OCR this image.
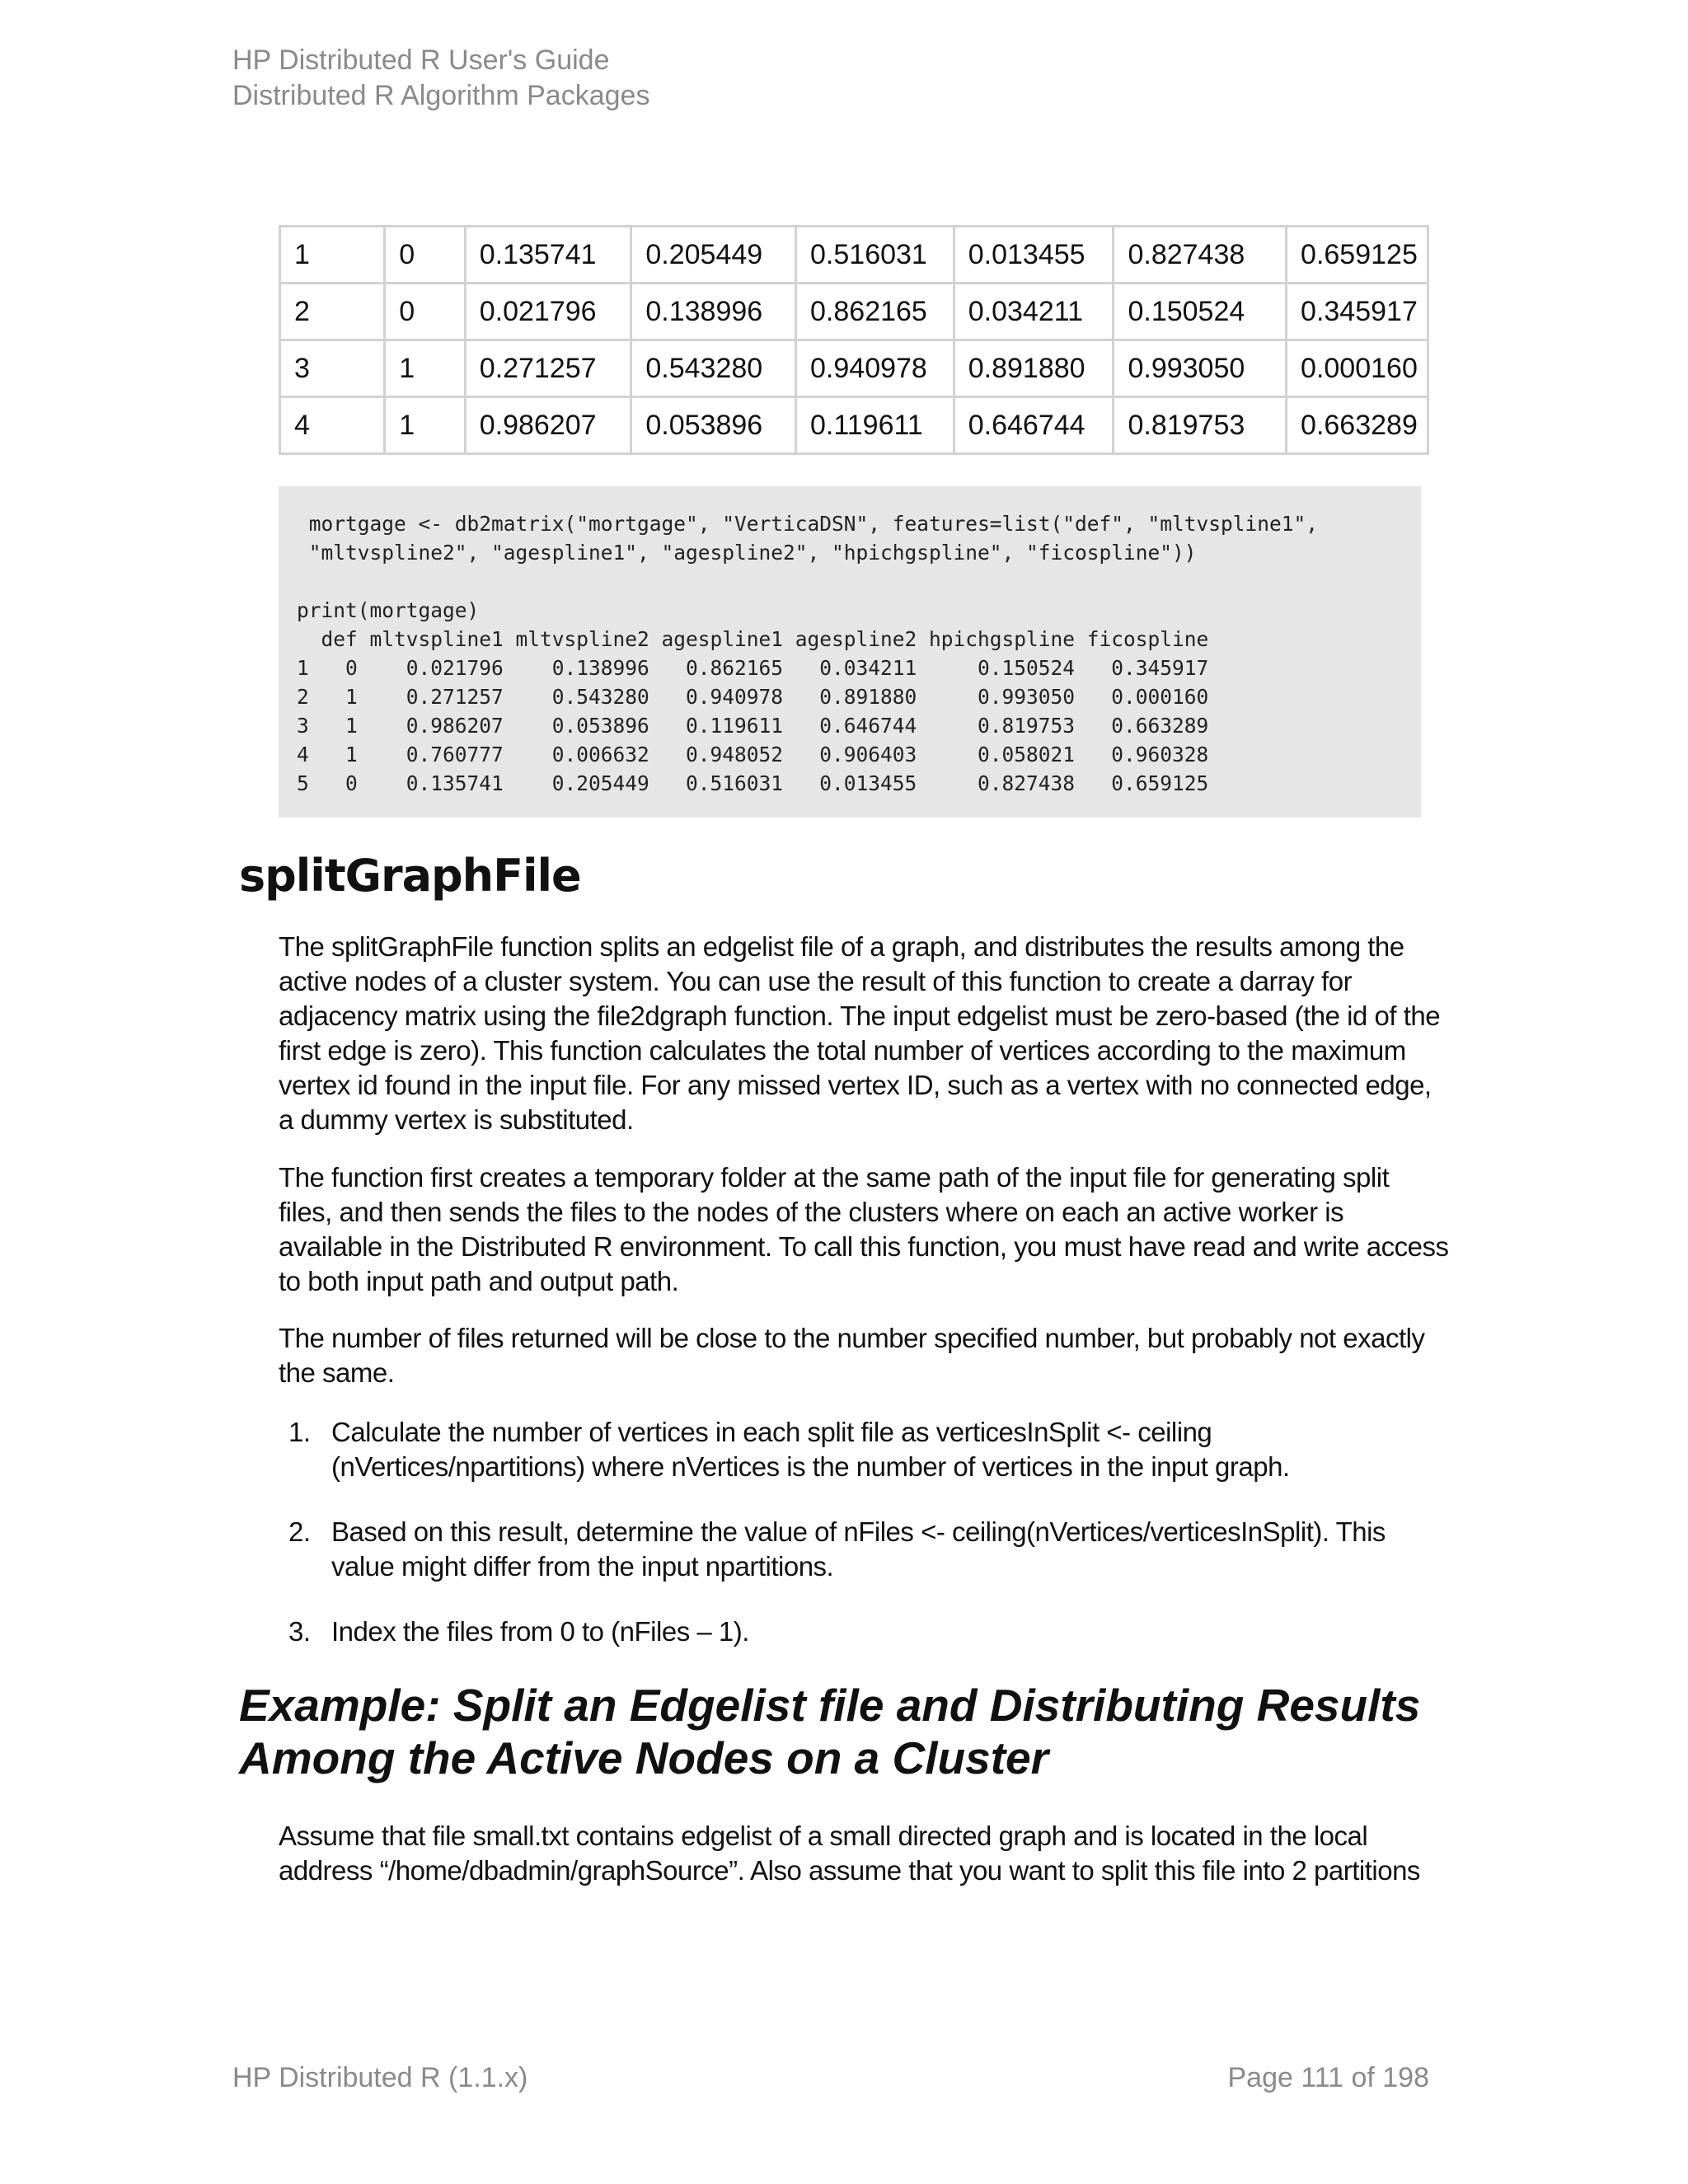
HP Distributed R User's Guide
Distributed R Algorithm Packages
1	0	0.135741	0.205449	0.516031	0.013455	0.827438	0.659125
2	0	0.021796	0.138996	0.862165	0.034211	0.150524	0.345917
3	1	0.271257	0.543280	0.940978	0.891880	0.993050	0.000160
4	1	0.986207	0.053896	0.119611	0.646744	0.819753	0.663289
mortgage <- db2matrix("mortgage", "VerticaDSN", features=list("def", "mltvspline1",
"mltvspline2", "agespline1", "agespline2", "hpichgspline", "ficospline"))

print(mortgage)
def mltvspline1 mltvspline2 agespline1 agespline2 hpichgspline ficospline
1   0    0.021796    0.138996   0.862165   0.034211     0.150524   0.345917
2   1    0.271257    0.543280   0.940978   0.891880     0.993050   0.000160
3   1    0.986207    0.053896   0.119611   0.646744     0.819753   0.663289
4   1    0.760777    0.006632   0.948052   0.906403     0.058021   0.960328
5   0    0.135741    0.205449   0.516031   0.013455     0.827438   0.659125
splitGraphFile

The splitGraphFile function splits an edgelist file of a graph, and distributes the results among the active nodes of a cluster system. You can use the result of this function to create a darray for adjacency matrix using the file2dgraph function. The input edgelist must be zero-based (the id of the first edge is zero). This function calculates the total number of vertices according to the maximum vertex id found in the input file. For any missed vertex ID, such as a vertex with no connected edge, a dummy vertex is substituted.

The function first creates a temporary folder at the same path of the input file for generating split files, and then sends the files to the nodes of the clusters where on each an active worker is available in the Distributed R environment. To call this function, you must have read and write access to both input path and output path.

The number of files returned will be close to the number specified number, but probably not exactly the same.

1. Calculate the number of vertices in each split file as verticesInSplit <- ceiling (nVertices/npartitions) where nVertices is the number of vertices in the input graph.
2. Based on this result, determine the value of nFiles <- ceiling(nVertices/verticesInSplit). This value might differ from the input npartitions.
3. Index the files from 0 to (nFiles – 1).
Example: Split an Edgelist file and Distributing Results Among the Active Nodes on a Cluster

Assume that file small.txt contains edgelist of a small directed graph and is located in the local address “/home/dbadmin/graphSource”. Also assume that you want to split this file into 2 partitions

HP Distributed R (1.1.x)	Page 111 of 198
